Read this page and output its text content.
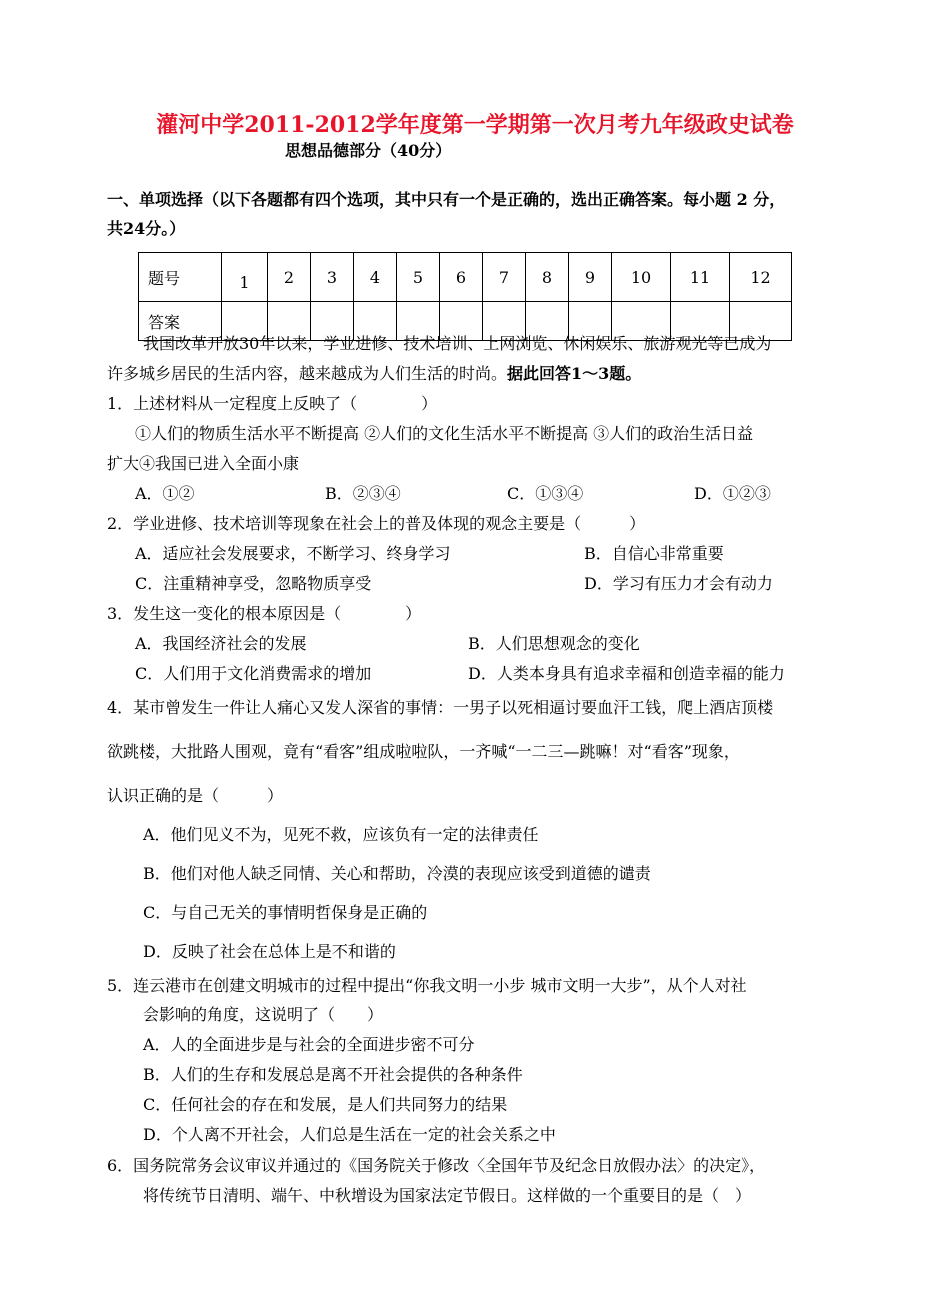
灌河中学2011-2012学年度第一学期第一次月考九年级政史试卷
思想品德部分（40分）
一、单项选择（以下各题都有四个选项，其中只有一个是正确的，选出正确答案。每小题 2 分，
共24分。）
题号	1	2	3	4	5	6	7	8	9	10	11	12
答案												
我国改革开放30年以来，学业进修、技术培训、上网浏览、休闲娱乐、旅游观光等已成为
许多城乡居民的生活内容，越来越成为人们生活的时尚。据此回答1～3题。
1．上述材料从一定程度上反映了（　　　　）
①人们的物质生活水平不断提高 ②人们的文化生活水平不断提高 ③人们的政治生活日益
扩大④我国已进入全面小康
A．①②	B．②③④	C．①③④	D．①②③
2．学业进修、技术培训等现象在社会上的普及体现的观念主要是（　　　）
A．适应社会发展要求，不断学习、终身学习	B．自信心非常重要
C．注重精神享受，忽略物质享受	D．学习有压力才会有动力
3．发生这一变化的根本原因是（　　　　）
A．我国经济社会的发展	B．人们思想观念的变化
C．人们用于文化消费需求的增加	D．人类本身具有追求幸福和创造幸福的能力
4．某市曾发生一件让人痛心又发人深省的事情：一男子以死相逼讨要血汗工钱，爬上酒店顶楼
欲跳楼，大批路人围观，竟有“看客”组成啦啦队，一齐喊“一二三—跳嘛！对“看客”现象，
认识正确的是（　　　）
A．他们见义不为，见死不救，应该负有一定的法律责任
B．他们对他人缺乏同情、关心和帮助，冷漠的表现应该受到道德的谴责
C．与自己无关的事情明哲保身是正确的
D．反映了社会在总体上是不和谐的
5．连云港市在创建文明城市的过程中提出“你我文明一小步 城市文明一大步”，从个人对社
会影响的角度，这说明了（　　）
A．人的全面进步是与社会的全面进步密不可分
B．人们的生存和发展总是离不开社会提供的各种条件
C．任何社会的存在和发展，是人们共同努力的结果
D．个人离不开社会，人们总是生活在一定的社会关系之中
6．国务院常务会议审议并通过的《国务院关于修改〈全国年节及纪念日放假办法〉的决定》，
将传统节日清明、端午、中秋增设为国家法定节假日。这样做的一个重要目的是（　）
